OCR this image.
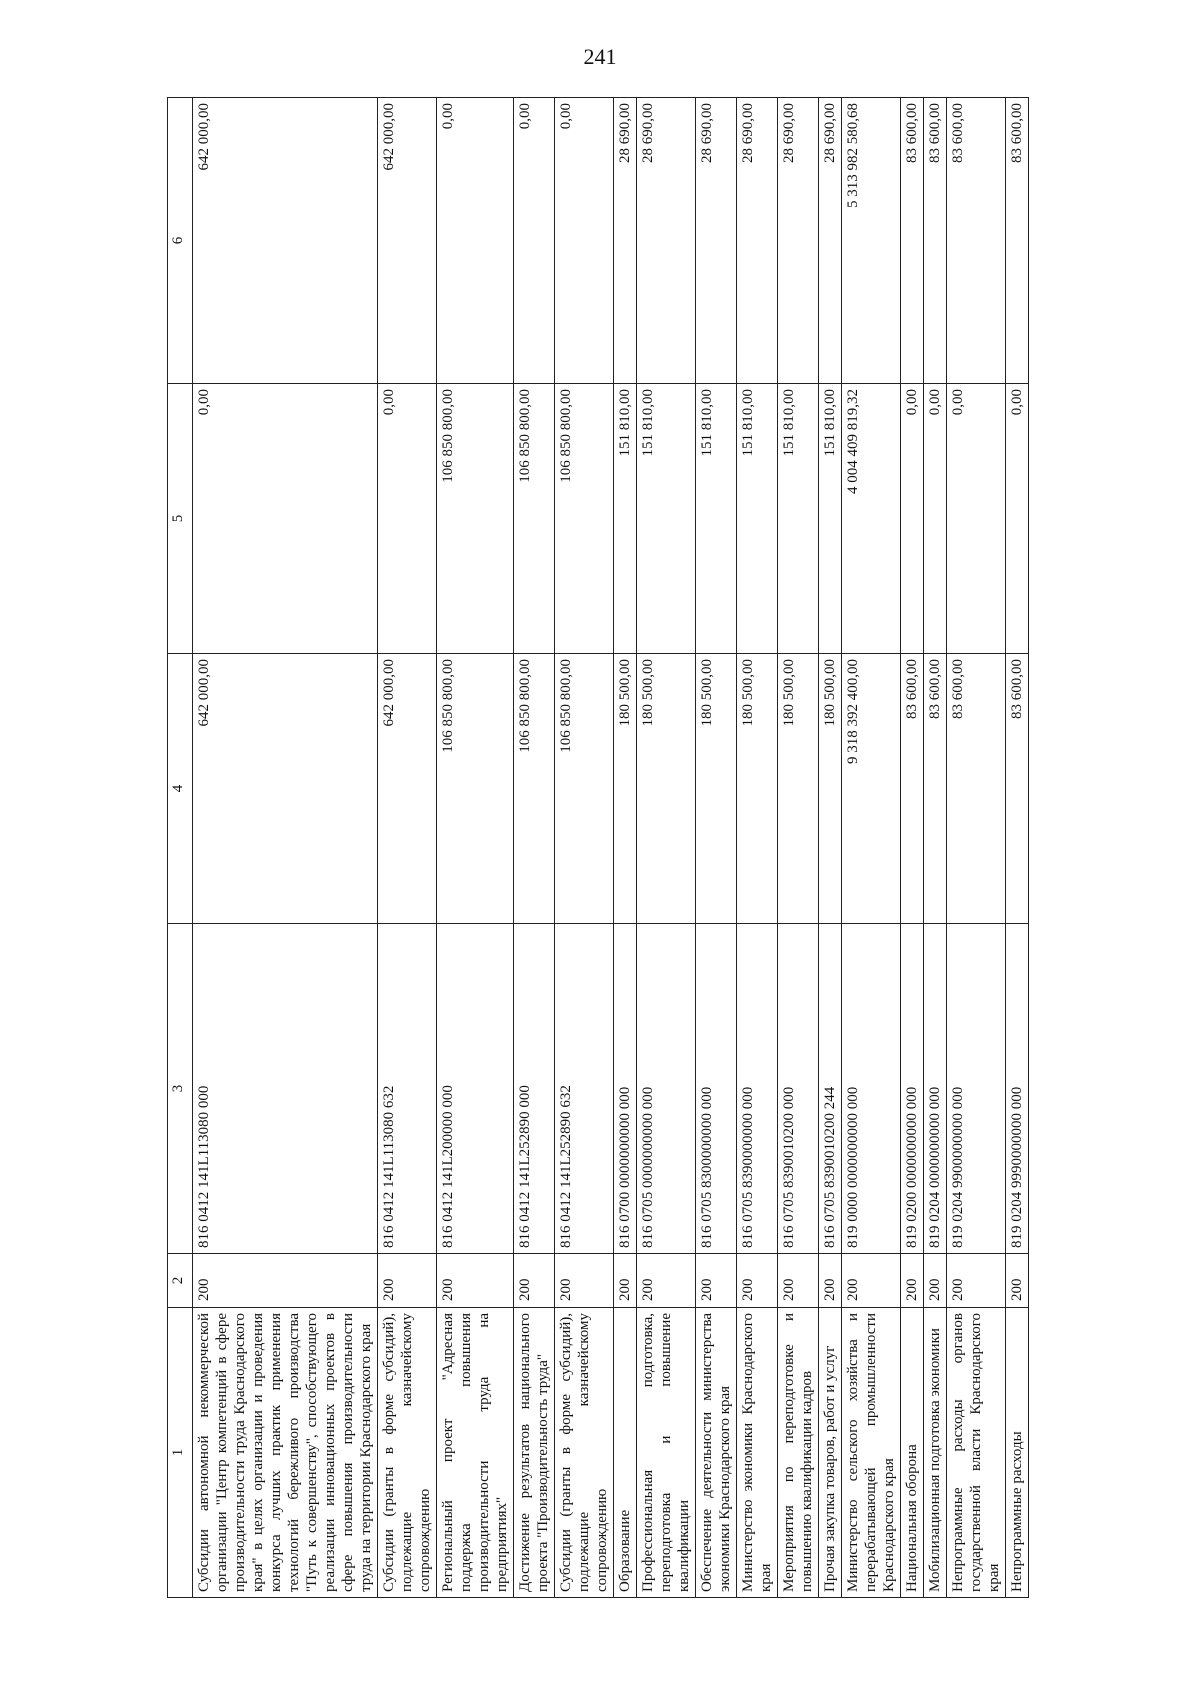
241
1	2	3	4	5	6
Субсидии автономной некоммерческой организации "Центр компетенций в сфере производительности труда Краснодарского края" в целях организации и проведения конкурса лучших практик применения технологий бережливого производства "Путь к совершенству", способствующего реализации инновационных проектов в сфере повышения производительности труда на территории Краснодарского края	200	816 0412 141L113080 000	642 000,00	0,00	642 000,00
Субсидии (гранты в форме субсидий), подлежащие казначейскому сопровождению	200	816 0412 141L113080 632	642 000,00	0,00	642 000,00
Региональный проект "Адресная поддержка повышения производительности труда на предприятиях"	200	816 0412 141L200000 000	106 850 800,00	106 850 800,00	0,00
Достижение результатов национального проекта "Производительность труда"	200	816 0412 141L252890 000	106 850 800,00	106 850 800,00	0,00
Субсидии (гранты в форме субсидий), подлежащие казначейскому сопровождению	200	816 0412 141L252890 632	106 850 800,00	106 850 800,00	0,00
Образование	200	816 0700 0000000000 000	180 500,00	151 810,00	28 690,00
Профессиональная подготовка, переподготовка и повышение квалификации	200	816 0705 0000000000 000	180 500,00	151 810,00	28 690,00
Обеспечение деятельности министерства экономики Краснодарского края	200	816 0705 8300000000 000	180 500,00	151 810,00	28 690,00
Министерство экономики Краснодарского края	200	816 0705 8390000000 000	180 500,00	151 810,00	28 690,00
Мероприятия по переподготовке и повышению квалификации кадров	200	816 0705 8390010200 000	180 500,00	151 810,00	28 690,00
Прочая закупка товаров, работ и услуг	200	816 0705 8390010200 244	180 500,00	151 810,00	28 690,00
Министерство сельского хозяйства и перерабатывающей промышленности Краснодарского края	200	819 0000 0000000000 000	9 318 392 400,00	4 004 409 819,32	5 313 982 580,68
Национальная оборона	200	819 0200 0000000000 000	83 600,00	0,00	83 600,00
Мобилизационная подготовка экономики	200	819 0204 0000000000 000	83 600,00	0,00	83 600,00
Непрограммные расходы органов государственной власти Краснодарского края	200	819 0204 9900000000 000	83 600,00	0,00	83 600,00
Непрограммные расходы	200	819 0204 9990000000 000	83 600,00	0,00	83 600,00
